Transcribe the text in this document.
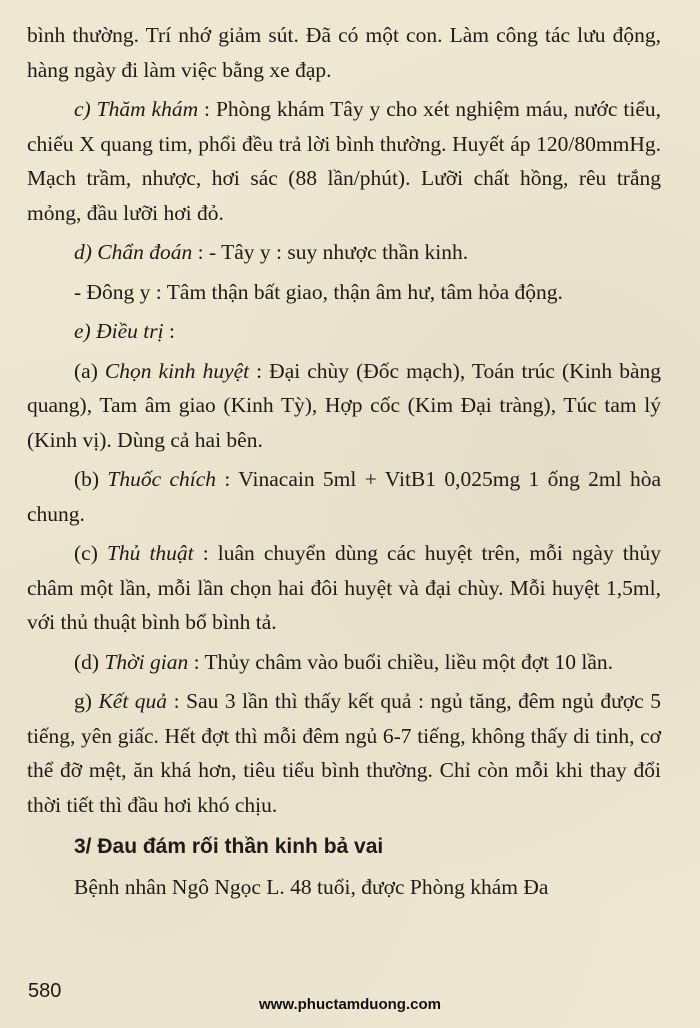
bình thường. Trí nhớ giảm sút. Đã có một con. Làm công tác lưu động, hàng ngày đi làm việc bằng xe đạp.

c) Thăm khám : Phòng khám Tây y cho xét nghiệm máu, nước tiểu, chiếu X quang tim, phổi đều trả lời bình thường. Huyết áp 120/80mmHg. Mạch trầm, nhược, hơi sác (88 lần/phút). Lưỡi chất hồng, rêu trắng mỏng, đầu lưỡi hơi đỏ.

d) Chẩn đoán : - Tây y : suy nhược thần kinh.

- Đông y : Tâm thận bất giao, thận âm hư, tâm hỏa động.

e) Điều trị :

(a) Chọn kinh huyệt : Đại chùy (Đốc mạch), Toán trúc (Kinh bàng quang), Tam âm giao (Kinh Tỳ), Hợp cốc (Kim Đại tràng), Túc tam lý (Kinh vị). Dùng cả hai bên.

(b) Thuốc chích : Vinacain 5ml + VitB1 0,025mg 1 ống 2ml hòa chung.

(c) Thủ thuật : luân chuyển dùng các huyệt trên, mỗi ngày thủy châm một lần, mỗi lần chọn hai đôi huyệt và đại chùy. Mỗi huyệt 1,5ml, với thủ thuật bình bổ bình tả.

(d) Thời gian : Thủy châm vào buổi chiều, liều một đợt 10 lần.

g) Kết quả : Sau 3 lần thì thấy kết quả : ngủ tăng, đêm ngủ được 5 tiếng, yên giấc. Hết đợt thì mỗi đêm ngủ 6-7 tiếng, không thấy di tinh, cơ thể đỡ mệt, ăn khá hơn, tiêu tiểu bình thường. Chỉ còn mỗi khi thay đổi thời tiết thì đầu hơi khó chịu.

3/ Đau đám rối thần kinh bả vai

Bệnh nhân Ngô Ngọc L. 48 tuổi, được Phòng khám Đa

580
www.phuctamduong.com
